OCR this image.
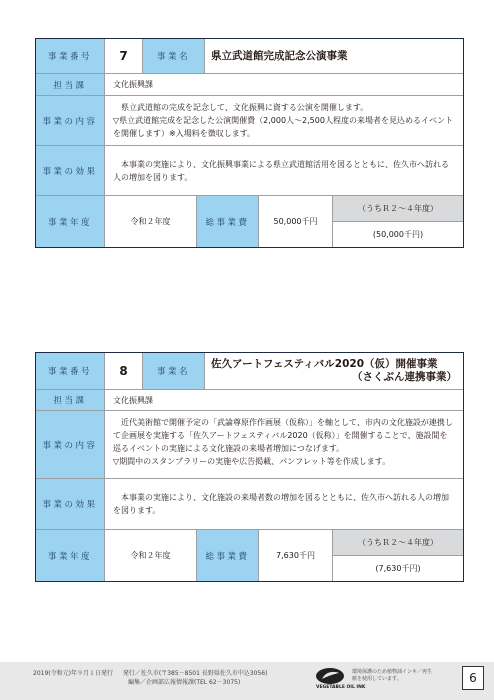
事業番号	7	事業名	県立武道館完成記念公演事業
担当課	文化振興課
事業の内容

県立武道館の完成を記念して、文化振興に資する公演を開催します。

▽県立武道館完成を記念した公演開催費（2,000人～2,500人程度の来場者を見込めるイベントを開催します）※入場料を徴収します。

事業の効果

本事業の実施により、文化振興事業による県立武道館活用を図るとともに、佐久市へ訪れる人の増加を図ります。

事業年度	令和２年度	総事業費	50,000千円
（うちＲ２～４年度）
(50,000千円)
事業番号	8	事業名
佐久アートフェスティバル2020（仮）開催事業
（さくぶん連携事業）
担当課	文化振興課
事業の内容

近代美術館で開催予定の「武論尊原作作画展（仮称）」を軸として、市内の文化施設が連携して企画展を実施する「佐久アートフェスティバル2020（仮称）」を開催することで、施設間を巡るイベントの実施による文化施設の来場者増加につなげます。

▽期間中のスタンプラリーの実施や広告掲載、パンフレット等を作成します。

事業の効果

本事業の実施により、文化施設の来場者数の増加を図るとともに、佐久市へ訪れる人の増加を図ります。

事業年度	令和２年度	総事業費	7,630千円
（うちＲ２～４年度）
(7,630千円)
2019(令和元)年９月１日発行 発行／佐久市(〒385－8501 長野県佐久市中込3056)
編集／企画部広報情報課(TEL 62－3075)
VEGETABLE OIL INK
環境保護のため植物油インキ／再生紙を使用しています。	6
